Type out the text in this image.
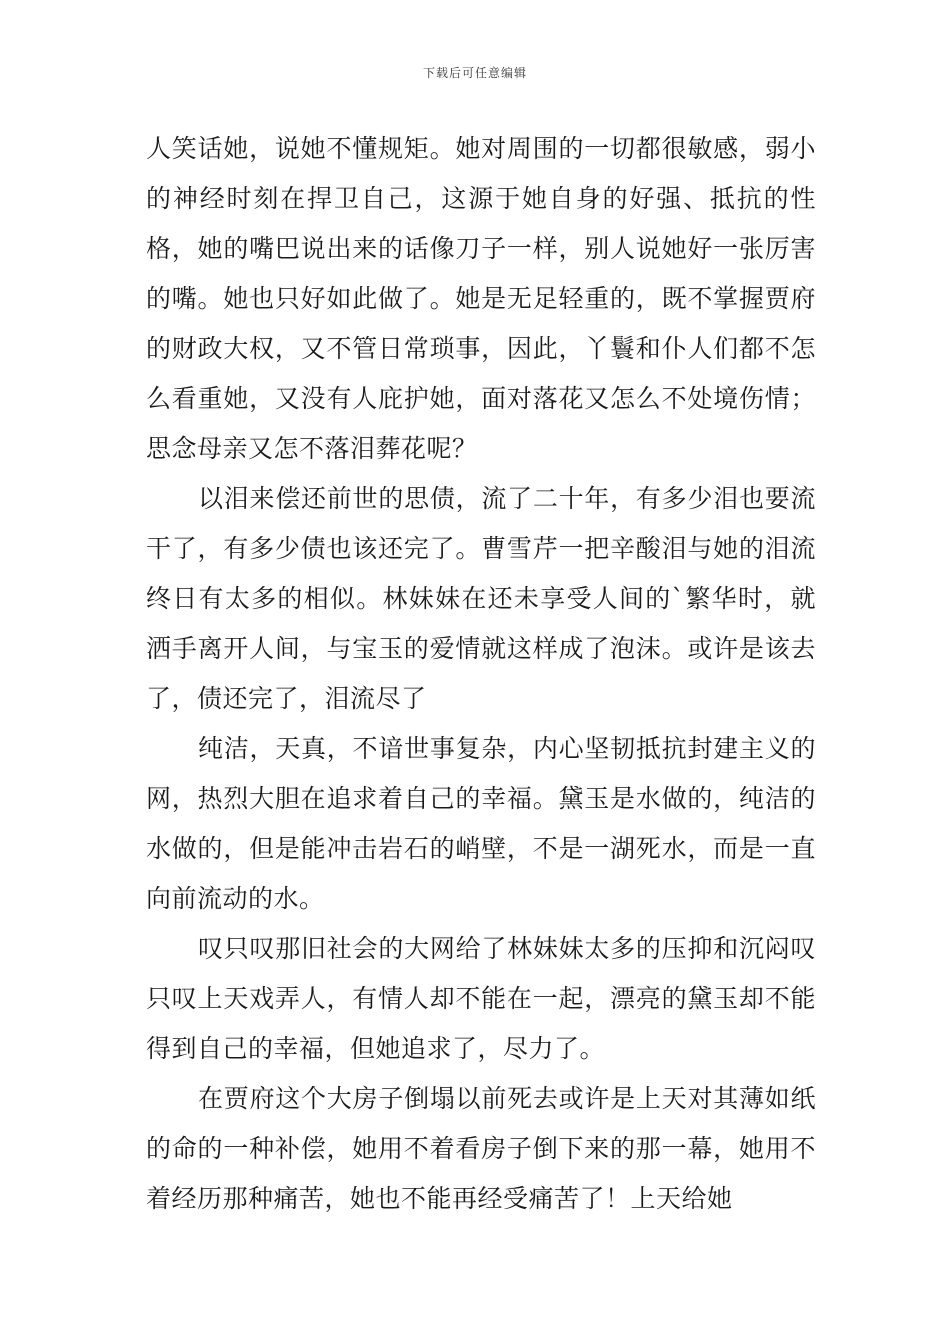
下载后可任意编辑

人笑话她，说她不懂规矩。她对周围的一切都很敏感，弱小的神经时刻在捍卫自己，这源于她自身的好强、抵抗的性格，她的嘴巴说出来的话像刀子一样，别人说她好一张厉害的嘴。她也只好如此做了。她是无足轻重的，既不掌握贾府的财政大权，又不管日常琐事，因此，丫鬟和仆人们都不怎么看重她，又没有人庇护她，面对落花又怎么不处境伤情；思念母亲又怎不落泪葬花呢？

以泪来偿还前世的思债，流了二十年，有多少泪也要流干了，有多少债也该还完了。曹雪芹一把辛酸泪与她的泪流终日有太多的相似。林妹妹在还未享受人间的`繁华时，就洒手离开人间，与宝玉的爱情就这样成了泡沫。或许是该去了，债还完了，泪流尽了

纯洁，天真，不谙世事复杂，内心坚韧抵抗封建主义的网，热烈大胆在追求着自己的幸福。黛玉是水做的，纯洁的水做的，但是能冲击岩石的峭壁，不是一湖死水，而是一直向前流动的水。

叹只叹那旧社会的大网给了林妹妹太多的压抑和沉闷叹只叹上天戏弄人，有情人却不能在一起，漂亮的黛玉却不能得到自己的幸福，但她追求了，尽力了。

在贾府这个大房子倒塌以前死去或许是上天对其薄如纸的命的一种补偿，她用不着看房子倒下来的那一幕，她用不着经历那种痛苦，她也不能再经受痛苦了！上天给她
